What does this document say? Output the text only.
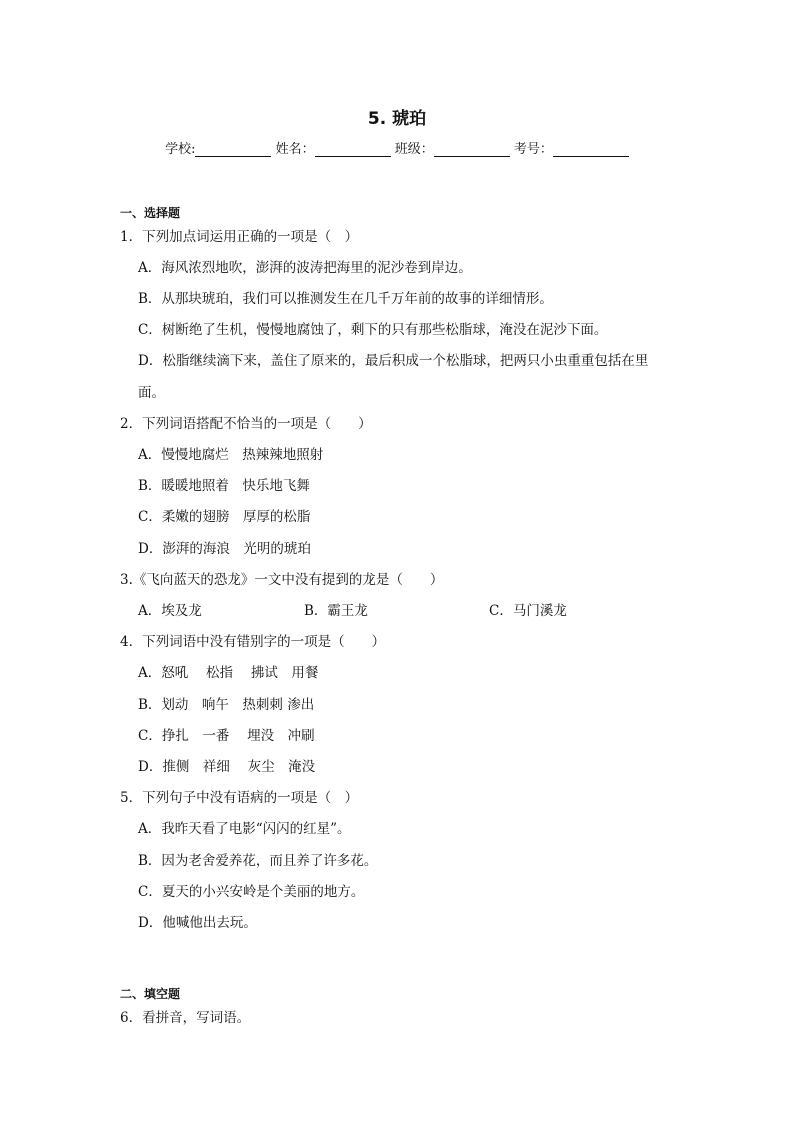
5. 琥珀
学校:	姓名：	班级：	考号：
一、选择题
1．下列加点词运用正确的一项是（　）
A．海风浓烈地吹，澎湃的波涛把海里的泥沙卷到岸边。
B．从那块琥珀，我们可以推测发生在几千万年前的故事的详细情形。
C．树断绝了生机，慢慢地腐蚀了，剩下的只有那些松脂球，淹没在泥沙下面。
D．松脂继续滴下来，盖住了原来的，最后积成一个松脂球，把两只小虫重重包括在里
面。
2．下列词语搭配不恰当的一项是（　　）
A．慢慢地腐烂　热辣辣地照射
B．暖暖地照着　快乐地飞舞
C．柔嫩的翅膀　厚厚的松脂
D．澎湃的海浪　光明的琥珀
3.《飞向蓝天的恐龙》一文中没有提到的龙是（　　）
A．埃及龙	B．霸王龙	C．马门溪龙
4．下列词语中没有错别字的一项是（　　）
A．怒吼　 松指　 拂试　用餐
B．划动　响午　热刺刺 渗出
C．挣扎　一番　 埋没　冲刷
D．推侧　祥细　 灰尘　淹没
5．下列句子中没有语病的一项是（　）
A．我昨天看了电影“闪闪的红星”。
B．因为老舍爱养花，而且养了许多花。
C．夏天的小兴安岭是个美丽的地方。
D．他喊他出去玩。
二、填空题
6．看拼音，写词语。
